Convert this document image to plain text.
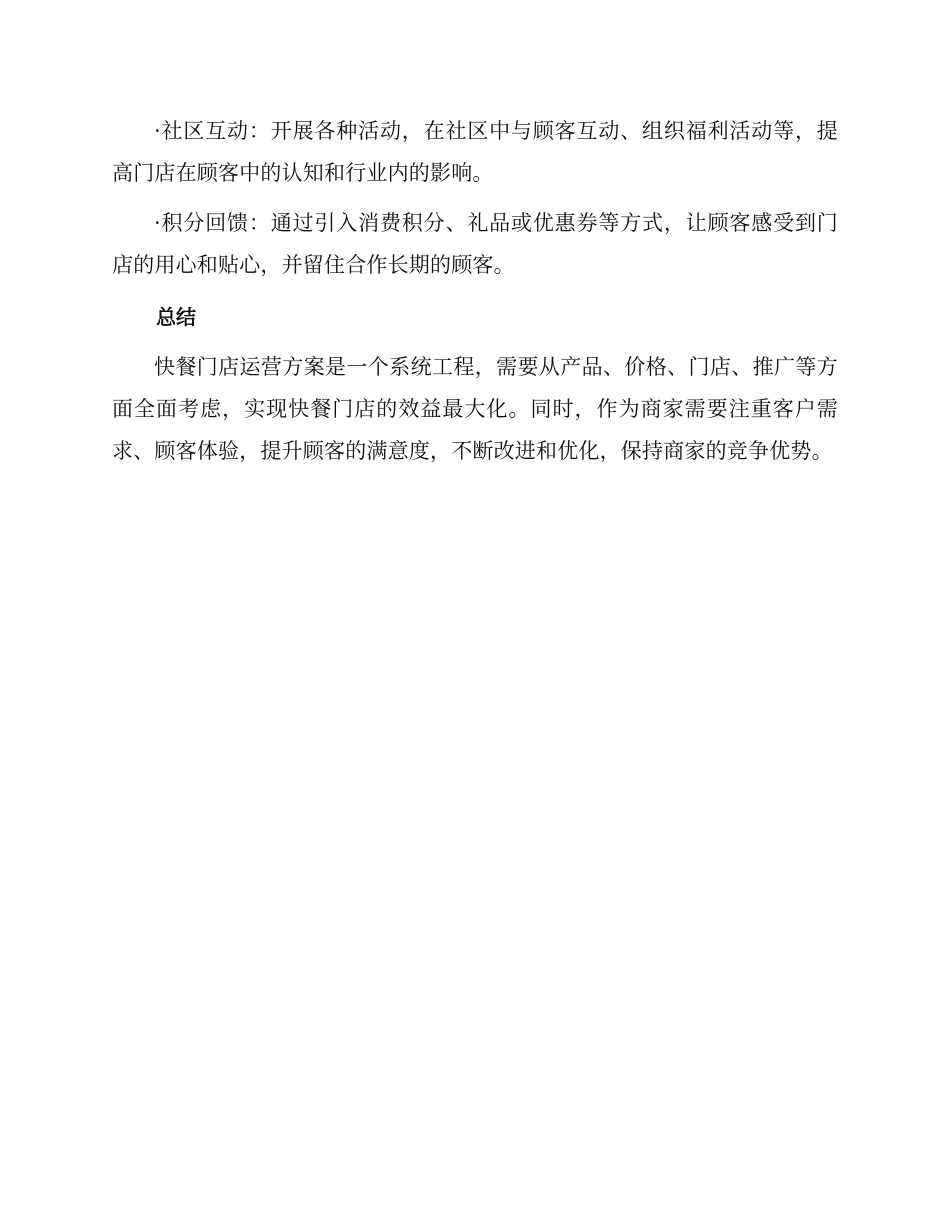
·社区互动：开展各种活动，在社区中与顾客互动、组织福利活动等，提高门店在顾客中的认知和行业内的影响。

·积分回馈：通过引入消费积分、礼品或优惠券等方式，让顾客感受到门店的用心和贴心，并留住合作长期的顾客。

总结

快餐门店运营方案是一个系统工程，需要从产品、价格、门店、推广等方面全面考虑，实现快餐门店的效益最大化。同时，作为商家需要注重客户需求、顾客体验，提升顾客的满意度，不断改进和优化，保持商家的竞争优势。
